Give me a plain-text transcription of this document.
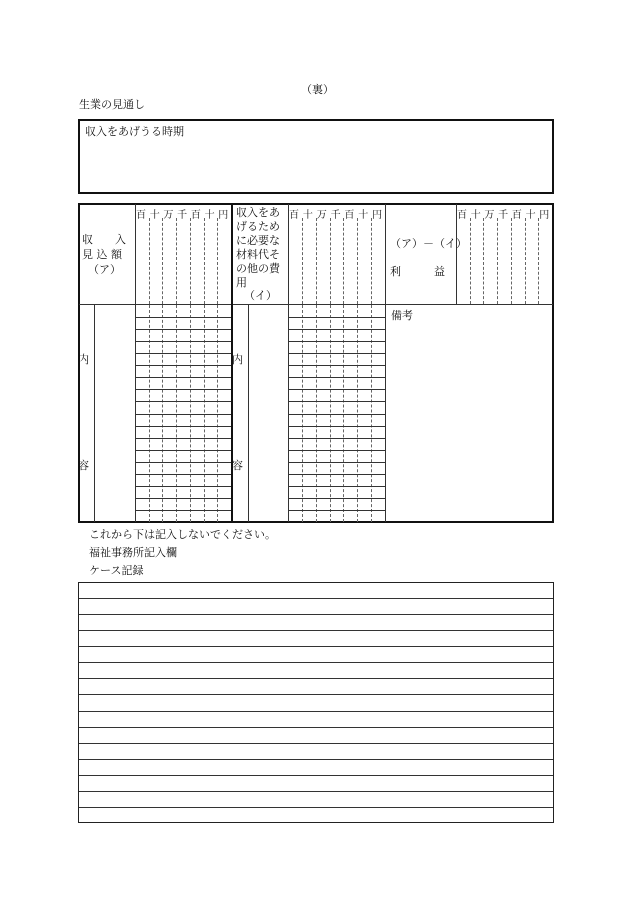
（裏）
生業の見通し
収入をあげうる時期
収　　入
見 込 額
（ア）
収入をあ
げるため
に必要な
材料代そ
の他の費
用
（イ）
（ア）－（イ）
利　　　益
内
容
内
容
備考
これから下は記入しないでください。
福祉事務所記入欄
ケース記録
百 十 万 千 百 十 円	百 十 万 千 百 十 円	百 十 万 千 百 十 円
